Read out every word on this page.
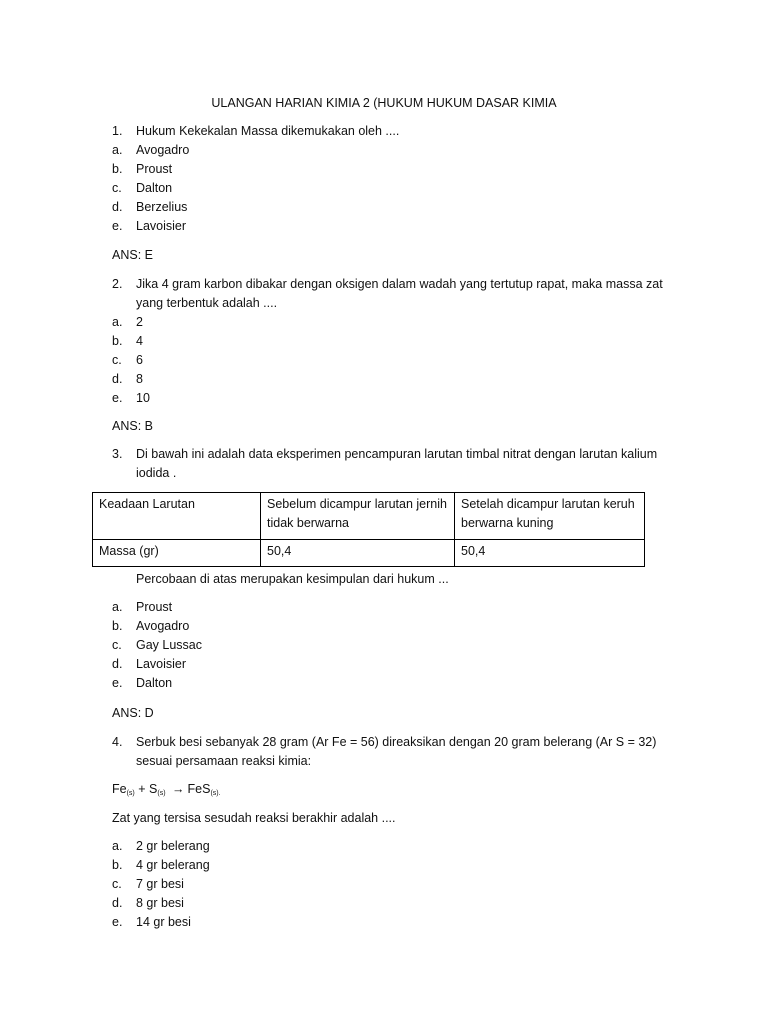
ULANGAN HARIAN KIMIA 2 (HUKUM HUKUM DASAR KIMIA
1.	Hukum Kekekalan Massa dikemukakan oleh ....
a.	Avogadro
b.	Proust
c.	Dalton
d.	Berzelius
e.	Lavoisier
ANS: E
2.	Jika 4 gram karbon dibakar dengan oksigen dalam wadah yang tertutup rapat, maka massa zat yang terbentuk adalah ....
a.	2
b.	4
c.	6
d.	8
e.	10
ANS: B
3.	Di bawah ini adalah data eksperimen pencampuran larutan timbal nitrat dengan larutan kalium iodida .
Keadaan Larutan	Sebelum dicampur larutan jernih tidak berwarna	Setelah dicampur larutan keruh berwarna kuning
Massa (gr)	50,4	50,4
Percobaan di atas merupakan kesimpulan dari hukum ...
a.	Proust
b.	Avogadro
c.	Gay Lussac
d.	Lavoisier
e.	Dalton
ANS: D
4.	Serbuk besi sebanyak 28 gram (Ar Fe = 56) direaksikan dengan 20 gram belerang (Ar S = 32) sesuai persamaan reaksi kimia:
$Fe_{(s)} + S_{(s)} \to FeS_{(s).}$
Zat yang tersisa sesudah reaksi berakhir adalah ....
a.	2 gr belerang
b.	4 gr belerang
c.	7 gr besi
d.	8 gr besi
e.	14 gr besi
